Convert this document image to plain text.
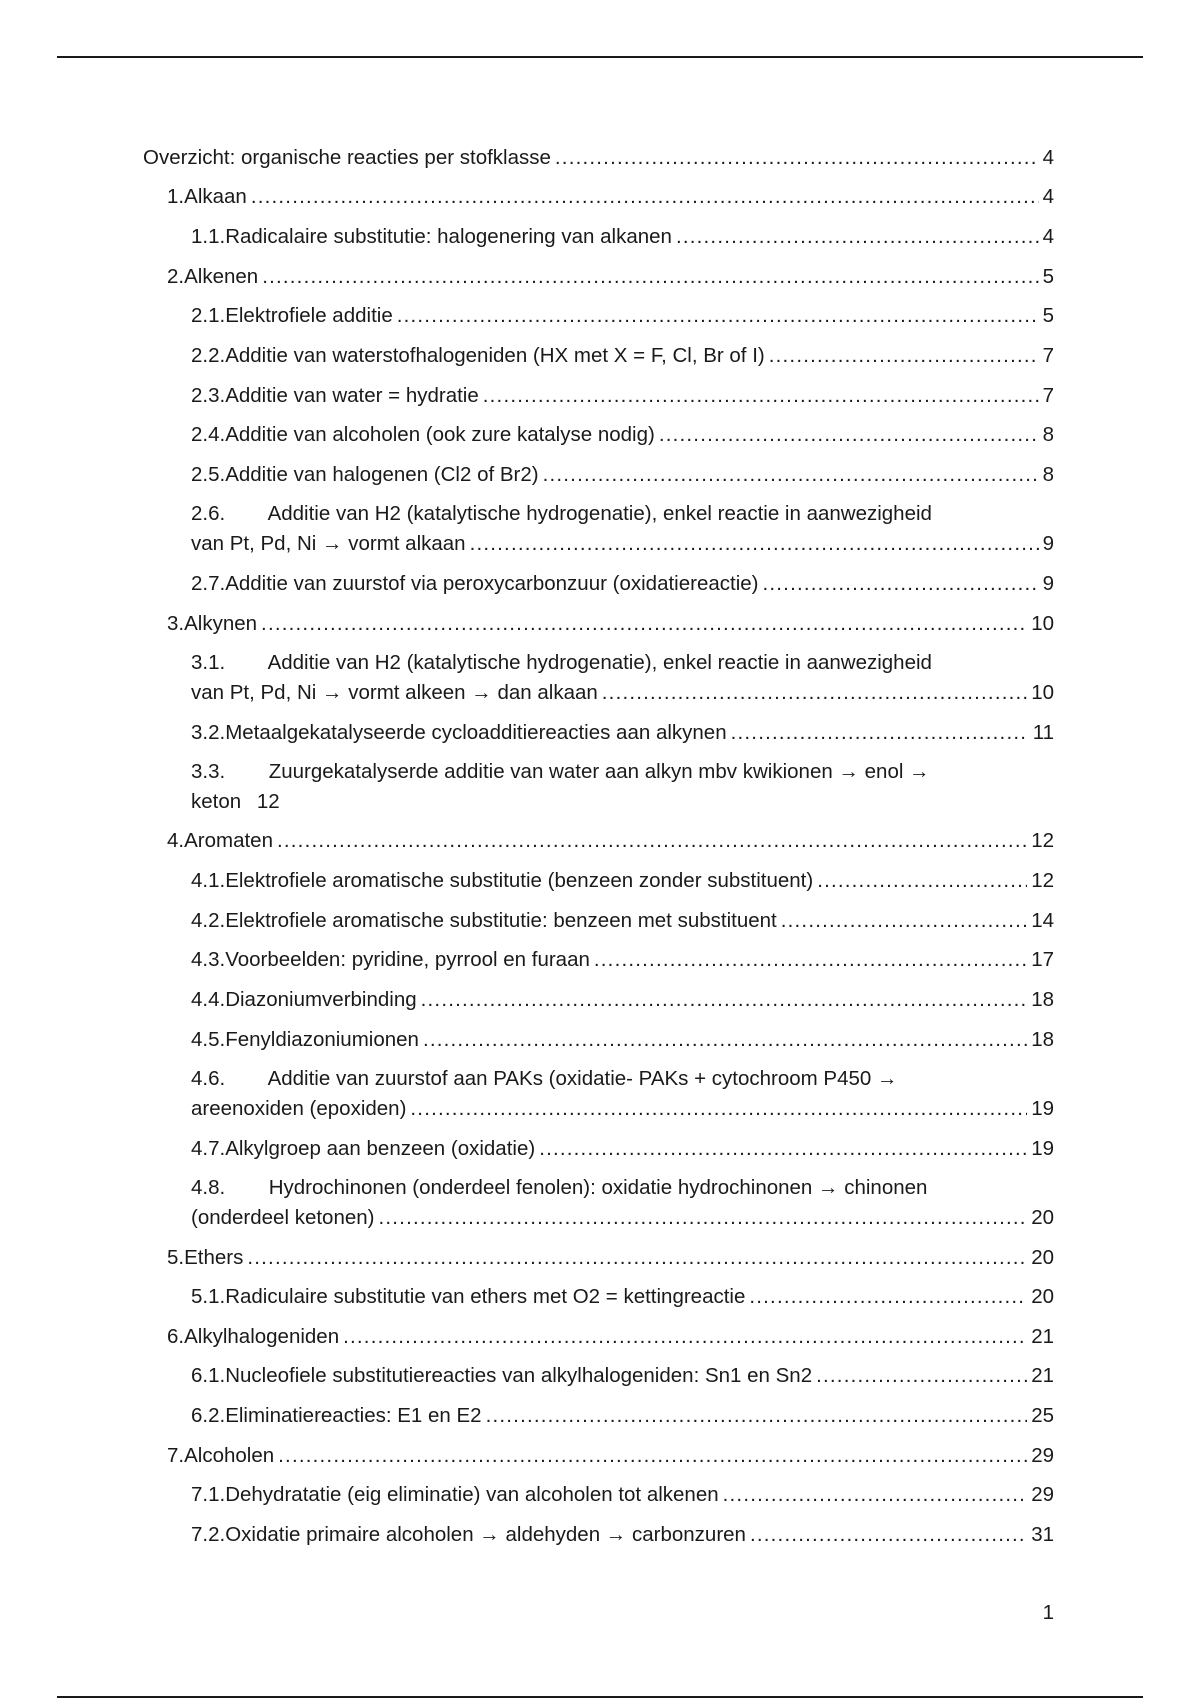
Overzicht: organische reacties per stofklasse .....	4
1. Alkaan .....	4
1.1. Radicalaire substitutie: halogenering van alkanen .....	4
2. Alkenen .....	5
2.1. Elektrofiele additie .....	5
2.2. Additie van waterstofhalogeniden (HX met X = F, Cl, Br of I) .....	7
2.3. Additie van water = hydratie .....	7
2.4. Additie van alcoholen (ook zure katalyse nodig) .....	8
2.5. Additie van halogenen (Cl2 of Br2) .....	8
2.6. Additie van H2 (katalytische hydrogenatie), enkel reactie in aanwezigheid
van Pt, Pd, Ni → vormt alkaan .....	9
2.7. Additie van zuurstof via peroxycarbonzuur (oxidatiereactie) .....	9
3. Alkynen .....	10
3.1. Additie van H2 (katalytische hydrogenatie), enkel reactie in aanwezigheid
van Pt, Pd, Ni → vormt alkeen → dan alkaan .....	10
3.2. Metaalgekatalyseerde cycloadditiereacties aan alkynen .....	11
3.3. Zuurgekatalyserde additie van water aan alkyn mbv kwikionen → enol →
keton 12
4. Aromaten .....	12
4.1. Elektrofiele aromatische substitutie (benzeen zonder substituent) .....	12
4.2. Elektrofiele aromatische substitutie: benzeen met substituent .....	14
4.3. Voorbeelden: pyridine, pyrrool en furaan .....	17
4.4. Diazoniumverbinding .....	18
4.5. Fenyldiazoniumionen .....	18
4.6. Additie van zuurstof aan PAKs (oxidatie- PAKs + cytochroom P450 →
areenoxiden (epoxiden) .....	19
4.7. Alkylgroep aan benzeen (oxidatie) .....	19
4.8. Hydrochinonen (onderdeel fenolen): oxidatie hydrochinonen → chinonen
(onderdeel ketonen) .....	20
5. Ethers .....	20
5.1. Radiculaire substitutie van ethers met O2 = kettingreactie .....	20
6. Alkylhalogeniden .....	21
6.1. Nucleofiele substitutiereacties van alkylhalogeniden: Sn1 en Sn2 .....	21
6.2. Eliminatiereacties: E1 en E2 .....	25
7. Alcoholen .....	29
7.1. Dehydratatie (eig eliminatie) van alcoholen tot alkenen .....	29
7.2. Oxidatie primaire alcoholen → aldehyden → carbonzuren .....	31
1
